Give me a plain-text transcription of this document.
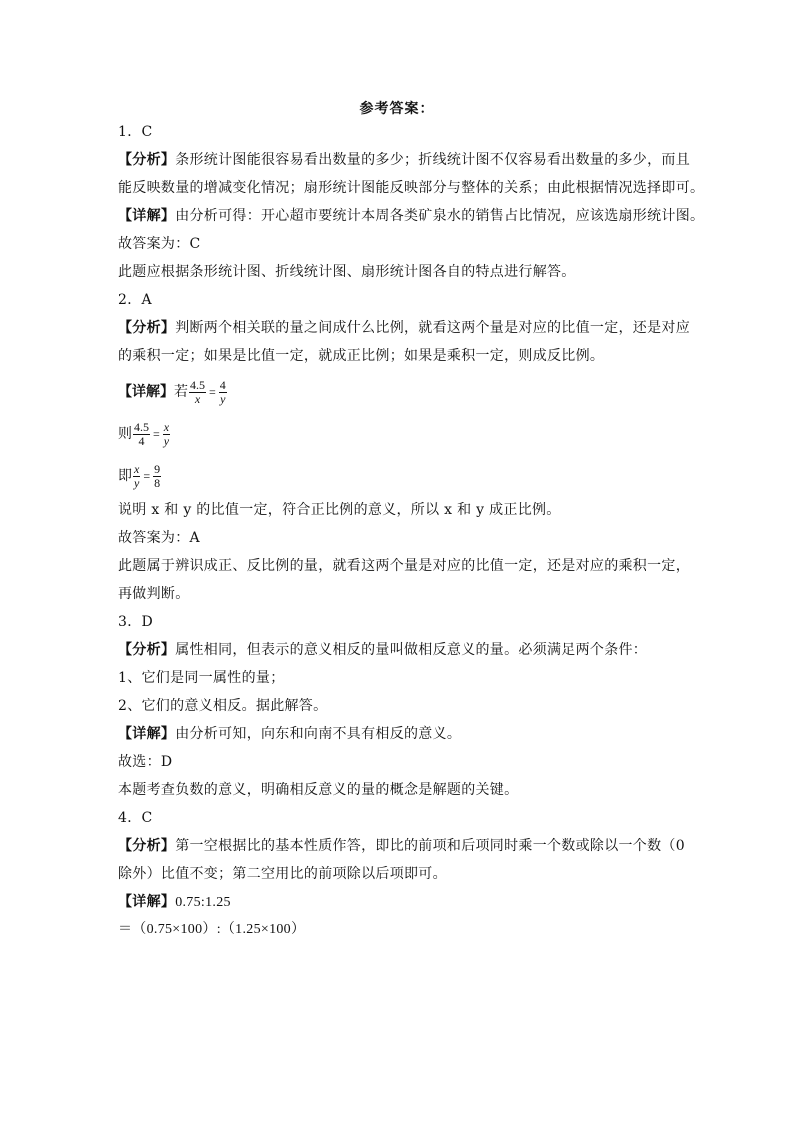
参考答案：
1．C
【分析】条形统计图能很容易看出数量的多少；折线统计图不仅容易看出数量的多少，而且
能反映数量的增减变化情况；扇形统计图能反映部分与整体的关系；由此根据情况选择即可。
【详解】由分析可得：开心超市要统计本周各类矿泉水的销售占比情况，应该选扇形统计图。
故答案为：C
此题应根据条形统计图、折线统计图、扇形统计图各自的特点进行解答。
2．A
【分析】判断两个相关联的量之间成什么比例，就看这两个量是对应的比值一定，还是对应
的乘积一定；如果是比值一定，就成正比例；如果是乘积一定，则成反比例。
【详解】 若 $\frac{4.5}{x} = \frac{4}{y}$
则 $\frac{4.5}{4} = \frac{x}{y}$
即 $\frac{x}{y} = \frac{9}{8}$
说明 x 和 y 的比值一定，符合正比例的意义，所以 x 和 y 成正比例。
故答案为：A
此题属于辨识成正、反比例的量，就看这两个量是对应的比值一定，还是对应的乘积一定，
再做判断。
3．D
【分析】属性相同，但表示的意义相反的量叫做相反意义的量。必须满足两个条件：
1、它们是同一属性的量；
2、它们的意义相反。据此解答。
【详解】由分析可知，向东和向南不具有相反的意义。
故选：D
本题考查负数的意义，明确相反意义的量的概念是解题的关键。
4．C
【分析】第一空根据比的基本性质作答，即比的前项和后项同时乘一个数或除以一个数（0
除外）比值不变；第二空用比的前项除以后项即可。
【详解】0.75:1.25
＝（0.75×100）:（1.25×100）
